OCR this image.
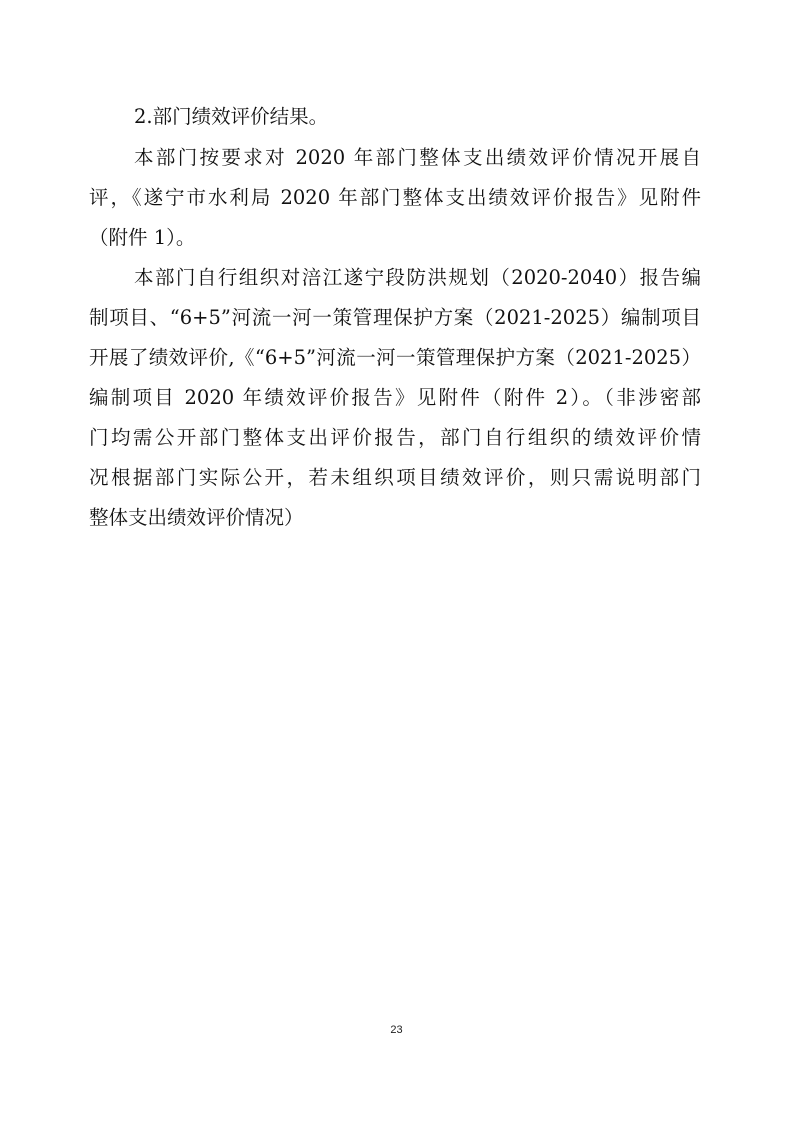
2.部门绩效评价结果。
本部门按要求对 2020 年部门整体支出绩效评价情况开展自
评，《遂宁市水利局 2020 年部门整体支出绩效评价报告》见附件
（附件 1）。
本部门自行组织对涪江遂宁段防洪规划（2020-2040）报告编
制项目、“6+5”河流一河一策管理保护方案（2021-2025）编制项目
开展了绩效评价,《“6+5”河流一河一策管理保护方案（2021-2025）
编制项目 2020 年绩效评价报告》见附件（附件 2）。（非涉密部
门均需公开部门整体支出评价报告，部门自行组织的绩效评价情
况根据部门实际公开，若未组织项目绩效评价，则只需说明部门
整体支出绩效评价情况）
23
